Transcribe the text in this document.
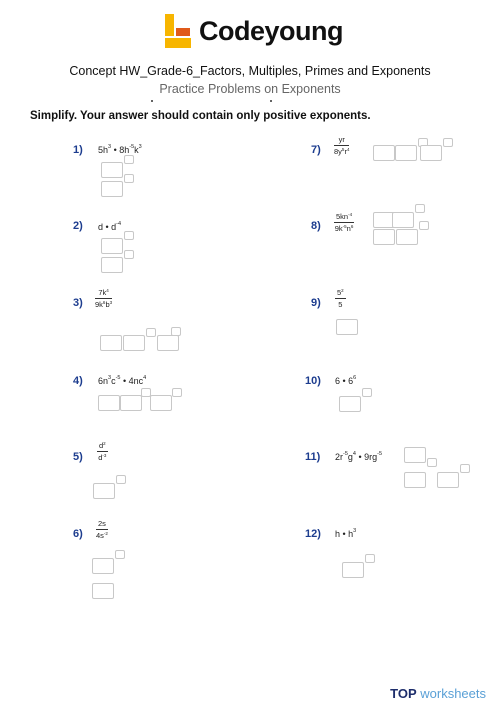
Codeyoung
Concept HW_Grade-6_Factors, Multiples, Primes and Exponents
Practice Problems on Exponents
Simplify. Your answer should contain only positive exponents.
1)
2)
3)
4)
5)
6)
7)
8)
9)
10)
11)
12)
$5h^3$ • $8h^{-5}k^3$
d • $d^{-4}$
$7k^4$
$9k^6b^3$
$6n^3c^{-5}$ • $4nc^4$
$d^2$
$d^{-3}$
2s
$4s^{-2}$
yr
$8y^5r^4$
$5kn^{-4}$
$9k^{-5}n^6$
$5^2$
5
6 • $6^6$
$2r^{-5}g^4$ • $9rg^{-5}$
h • $h^3$
TOP worksheets
